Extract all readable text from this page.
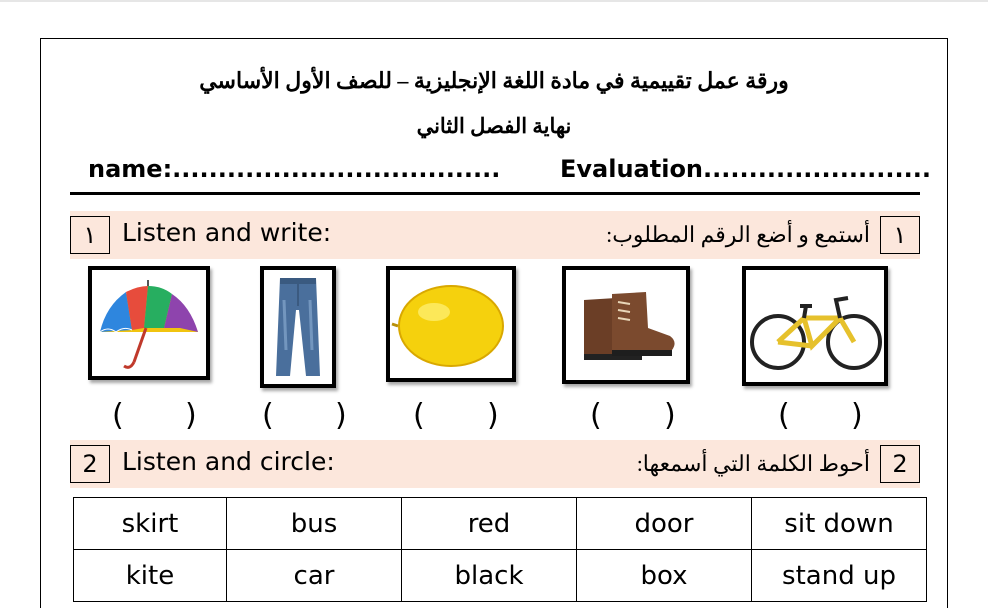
ورقة عمل تقييمية في مادة اللغة الإنجليزية – للصف الأول الأساسي
نهاية الفصل الثاني
name:.................................... Evaluation.........................
١	Listen and write:	أستمع و أضع الرقم المطلوب: ١
( ) ( ) ( )	( )	( )
2 Listen and circle:	أحوط الكلمة التي أسمعها: 2
skirt	bus	red	door	sit down
kite	car	black	box	stand up
